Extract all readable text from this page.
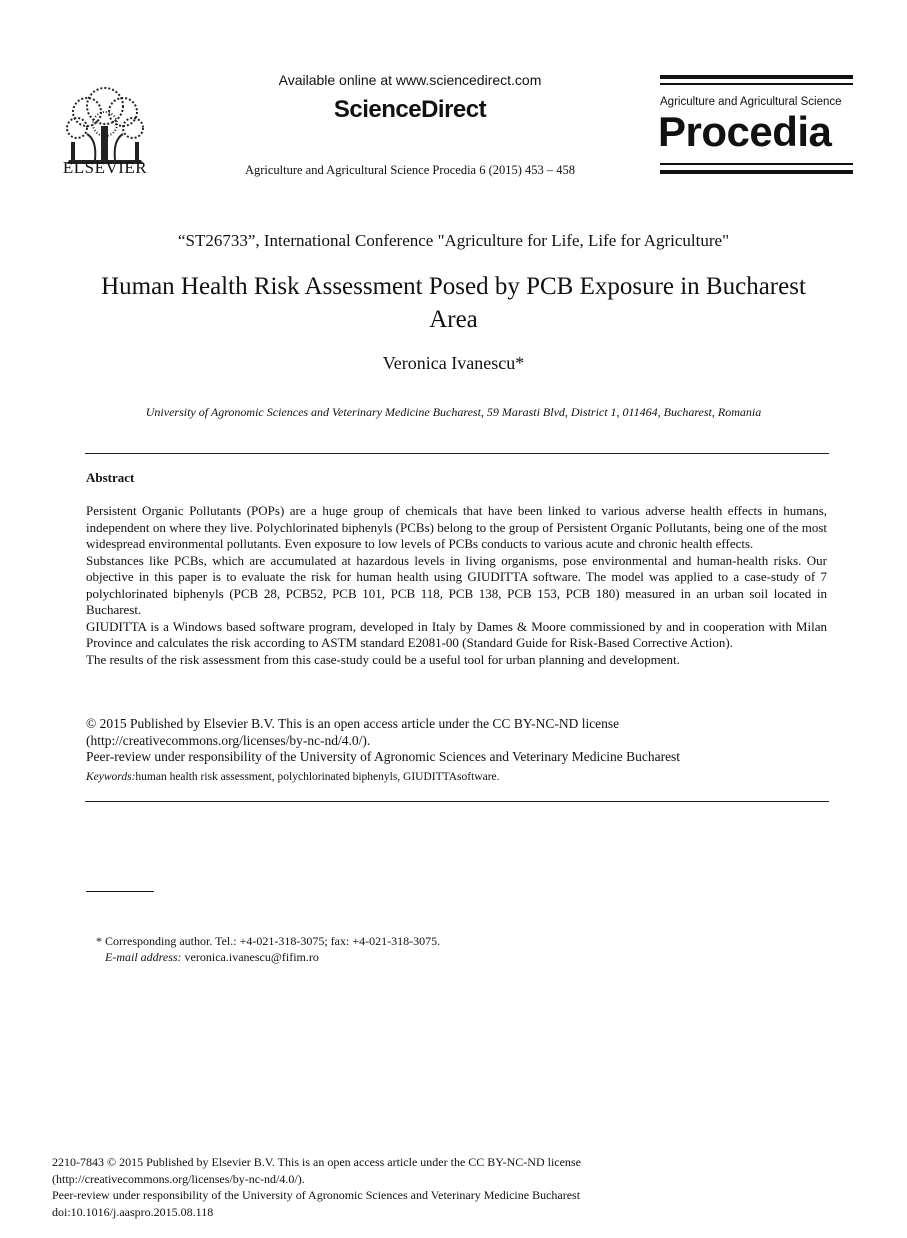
ELSEVIER
Available online at www.sciencedirect.com
ScienceDirect
Agriculture and Agricultural Science Procedia 6 (2015) 453 – 458
Agriculture and Agricultural Science
Procedia
“ST26733”, International Conference "Agriculture for Life, Life for Agriculture"
Human Health Risk Assessment Posed by PCB Exposure in Bucharest Area
Veronica Ivanescu*
University of Agronomic Sciences and Veterinary Medicine Bucharest, 59 Marasti Blvd, District 1, 011464, Bucharest, Romania
Abstract

Persistent Organic Pollutants (POPs) are a huge group of chemicals that have been linked to various adverse health effects in humans, independent on where they live. Polychlorinated biphenyls (PCBs) belong to the group of Persistent Organic Pollutants, being one of the most widespread environmental pollutants. Even exposure to low levels of PCBs conducts to various acute and chronic health effects.

Substances like PCBs, which are accumulated at hazardous levels in living organisms, pose environmental and human-health risks. Our objective in this paper is to evaluate the risk for human health using GIUDITTA software. The model was applied to a case-study of 7 polychlorinated biphenyls (PCB 28, PCB52, PCB 101, PCB 118, PCB 138, PCB 153, PCB 180) measured in an urban soil located in Bucharest.

GIUDITTA is a Windows based software program, developed in Italy by Dames & Moore commissioned by and in cooperation with Milan Province and calculates the risk according to ASTM standard E2081-00 (Standard Guide for Risk-Based Corrective Action).

The results of the risk assessment from this case-study could be a useful tool for urban planning and development.

© 2015 Published by Elsevier B.V. This is an open access article under the CC BY-NC-ND license

(http://creativecommons.org/licenses/by-nc-nd/4.0/).

Peer-review under responsibility of the University of Agronomic Sciences and Veterinary Medicine Bucharest

Keywords:human health risk assessment, polychlorinated biphenyls, GIUDITTAsoftware.

* Corresponding author. Tel.: +4-021-318-3075; fax: +4-021-318-3075.

E-mail address: veronica.ivanescu@fifim.ro

2210-7843 © 2015 Published by Elsevier B.V. This is an open access article under the CC BY-NC-ND license

(http://creativecommons.org/licenses/by-nc-nd/4.0/).

Peer-review under responsibility of the University of Agronomic Sciences and Veterinary Medicine Bucharest

doi:10.1016/j.aaspro.2015.08.118
